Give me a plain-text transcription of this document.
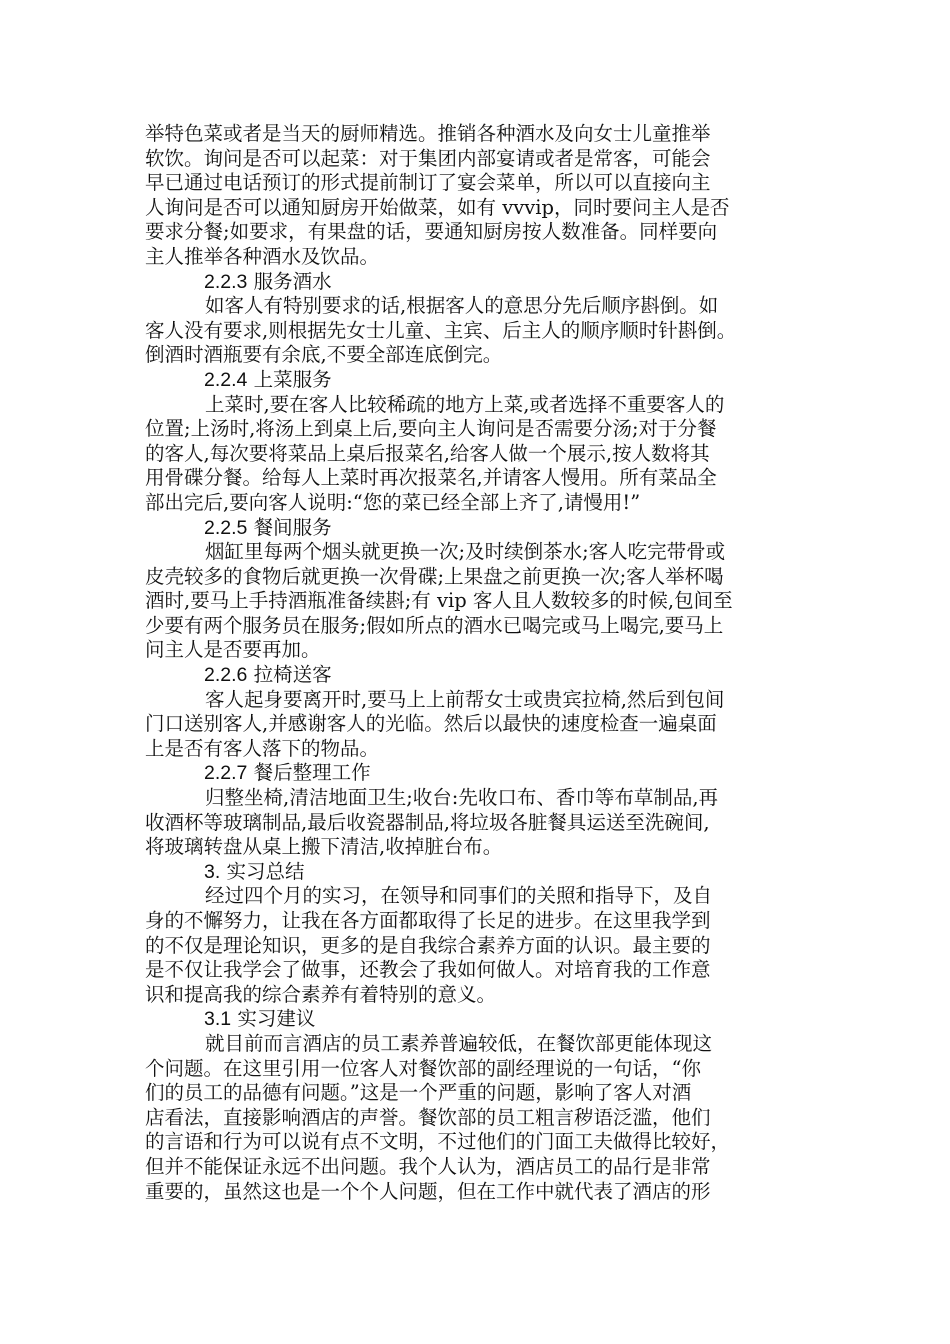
举特色菜或者是当天的厨师精选。推销各种酒水及向女士儿童推举
软饮。询问是否可以起菜：对于集团内部宴请或者是常客，可能会
早已通过电话预订的形式提前制订了宴会菜单，所以可以直接向主
人询问是否可以通知厨房开始做菜，如有 vvvip，同时要问主人是否
要求分餐;如要求，有果盘的话，要通知厨房按人数准备。同样要向
主人推举各种酒水及饮品。
2.2.3 服务酒水
如客人有特别要求的话,根据客人的意思分先后顺序斟倒。如
客人没有要求,则根据先女士儿童、主宾、后主人的顺序顺时针斟倒。
倒酒时酒瓶要有余底,不要全部连底倒完。
2.2.4 上菜服务
上菜时,要在客人比较稀疏的地方上菜,或者选择不重要客人的
位置;上汤时,将汤上到桌上后,要向主人询问是否需要分汤;对于分餐
的客人,每次要将菜品上桌后报菜名,给客人做一个展示,按人数将其
用骨碟分餐。给每人上菜时再次报菜名,并请客人慢用。所有菜品全
部出完后,要向客人说明:“您的菜已经全部上齐了,请慢用!”
2.2.5 餐间服务
烟缸里每两个烟头就更换一次;及时续倒茶水;客人吃完带骨或
皮壳较多的食物后就更换一次骨碟;上果盘之前更换一次;客人举杯喝
酒时,要马上手持酒瓶准备续斟;有 vip 客人且人数较多的时候,包间至
少要有两个服务员在服务;假如所点的酒水已喝完或马上喝完,要马上
问主人是否要再加。
2.2.6 拉椅送客
客人起身要离开时,要马上上前帮女士或贵宾拉椅,然后到包间
门口送别客人,并感谢客人的光临。然后以最快的速度检查一遍桌面
上是否有客人落下的物品。
2.2.7 餐后整理工作
归整坐椅,清洁地面卫生;收台:先收口布、香巾等布草制品,再
收酒杯等玻璃制品,最后收瓷器制品,将垃圾各脏餐具运送至洗碗间,
将玻璃转盘从桌上搬下清洁,收掉脏台布。
3. 实习总结
经过四个月的实习，在领导和同事们的关照和指导下，及自
身的不懈努力，让我在各方面都取得了长足的进步。在这里我学到
的不仅是理论知识，更多的是自我综合素养方面的认识。最主要的
是不仅让我学会了做事，还教会了我如何做人。对培育我的工作意
识和提高我的综合素养有着特别的意义。
3.1 实习建议
就目前而言酒店的员工素养普遍较低，在餐饮部更能体现这
个问题。在这里引用一位客人对餐饮部的副经理说的一句话，“你
们的员工的品德有问题。”这是一个严重的问题，影响了客人对酒
店看法，直接影响酒店的声誉。餐饮部的员工粗言秽语泛滥，他们
的言语和行为可以说有点不文明，不过他们的门面工夫做得比较好，
但并不能保证永远不出问题。我个人认为，酒店员工的品行是非常
重要的，虽然这也是一个个人问题，但在工作中就代表了酒店的形
